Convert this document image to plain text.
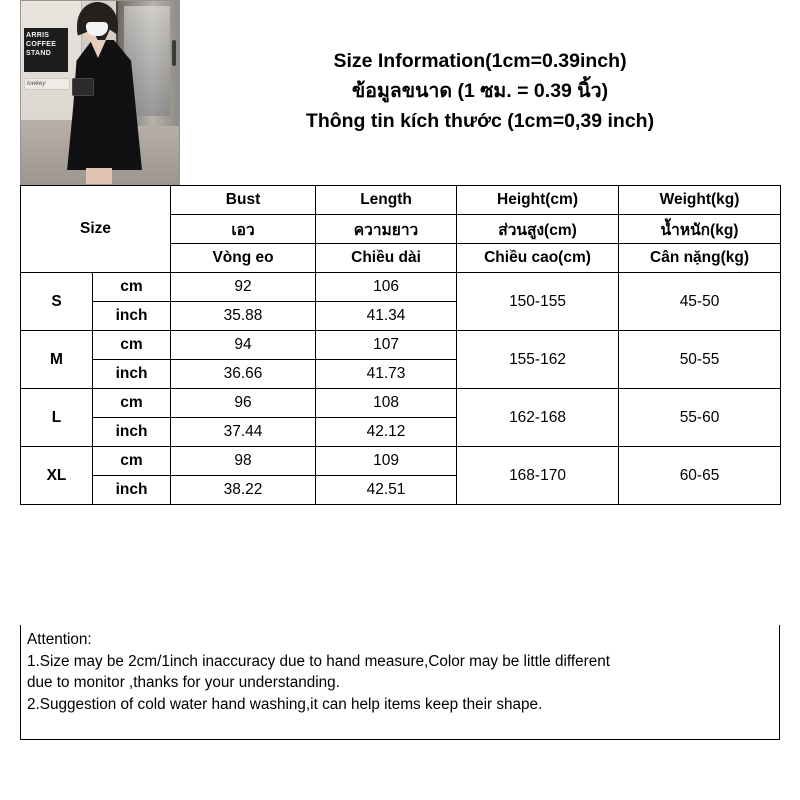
ARRIS COFFEE STAND
lowkey
Size Information(1cm=0.39inch)
ข้อมูลขนาด (1 ซม. = 0.39 นิ้ว)
Thông tin kích thước (1cm=0,39 inch)
Size		Bust	Length	Height(cm)	Weight(kg)
		เอว	ความยาว	ส่วนสูง(cm)	น้ำหนัก(kg)
		Vòng eo	Chiều dài	Chiều cao(cm)	Cân nặng(kg)
S	cm	92	106	150-155	45-50
	inch	35.88	41.34		
M	cm	94	107	155-162	50-55
	inch	36.66	41.73		
L	cm	96	108	162-168	55-60
	inch	37.44	42.12		
XL	cm	98	109	168-170	60-65
	inch	38.22	42.51		

Attention:

1.Size may be 2cm/1inch inaccuracy due to hand measure,Color may be little different

due to monitor ,thanks for your understanding.

2.Suggestion of cold water hand washing,it can help items keep their shape.
